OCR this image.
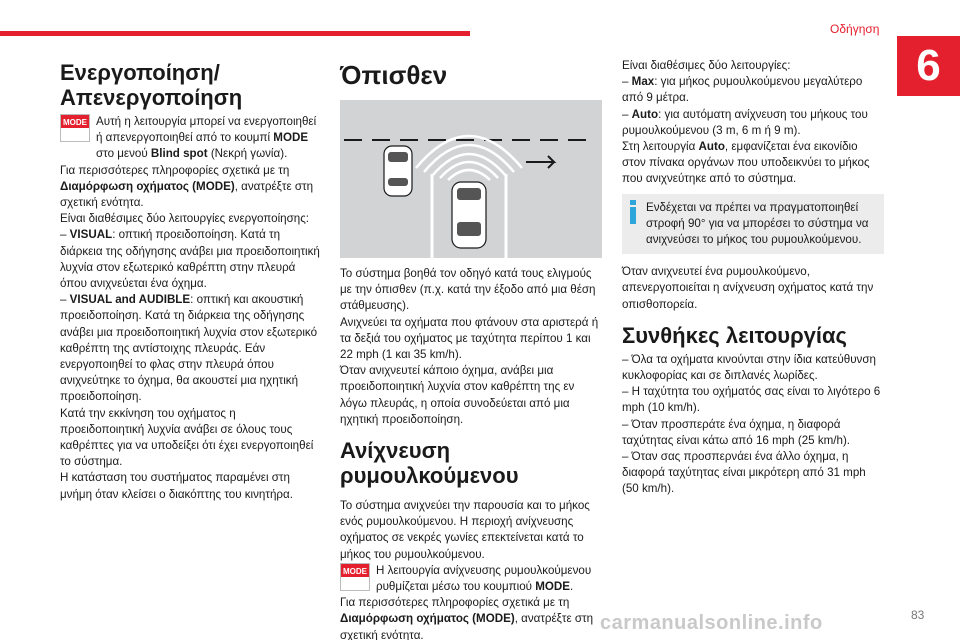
Οδήγηση
6
Ενεργοποίηση/ Απενεργοποίηση
MODE Αυτή η λειτουργία μπορεί να ενεργοποιηθεί ή απενεργοποιηθεί από το κουμπί MODE στο μενού Blind spot (Νεκρή γωνία).

Για περισσότερες πληροφορίες σχετικά με τη Διαμόρφωση οχήματος (MODE), ανατρέξτε στη σχετική ενότητα.

Είναι διαθέσιμες δύο λειτουργίες ενεργοποίησης:

– VISUAL: οπτική προειδοποίηση. Κατά τη διάρκεια της οδήγησης ανάβει μια προειδοποιητική λυχνία στον εξωτερικό καθρέπτη στην πλευρά όπου ανιχνεύεται ένα όχημα.

– VISUAL and AUDIBLE: οπτική και ακουστική προειδοποίηση. Κατά τη διάρκεια της οδήγησης ανάβει μια προειδοποιητική λυχνία στον εξωτερικό καθρέπτη της αντίστοιχης πλευράς. Εάν ενεργοποιηθεί το φλας στην πλευρά όπου ανιχνεύτηκε το όχημα, θα ακουστεί μια ηχητική προειδοποίηση.

Κατά την εκκίνηση του οχήματος η προειδοποιητική λυχνία ανάβει σε όλους τους καθρέπτες για να υποδείξει ότι έχει ενεργοποιηθεί το σύστημα.

Η κατάσταση του συστήματος παραμένει στη μνήμη όταν κλείσει ο διακόπτης του κινητήρα.

Όπισθεν

Το σύστημα βοηθά τον οδηγό κατά τους ελιγμούς με την όπισθεν (π.χ. κατά την έξοδο από μια θέση στάθμευσης).

Ανιχνεύει τα οχήματα που φτάνουν στα αριστερά ή τα δεξιά του οχήματος με ταχύτητα περίπου 1 και 22 mph (1 και 35 km/h).

Όταν ανιχνευτεί κάποιο όχημα, ανάβει μια προειδοποιητική λυχνία στον καθρέπτη της εν λόγω πλευράς, η οποία συνοδεύεται από μια ηχητική προειδοποίηση.

Ανίχνευση ρυμουλκούμενου

Το σύστημα ανιχνεύει την παρουσία και το μήκος ενός ρυμουλκούμενου. Η περιοχή ανίχνευσης οχήματος σε νεκρές γωνίες επεκτείνεται κατά το μήκος του ρυμουλκούμενου.

MODE Η λειτουργία ανίχνευσης ρυμουλκούμενου ρυθμίζεται μέσω του κουμπιού MODE.

Για περισσότερες πληροφορίες σχετικά με τη Διαμόρφωση οχήματος (MODE), ανατρέξτε στη σχετική ενότητα.

Είναι διαθέσιμες δύο λειτουργίες:

– Max: για μήκος ρυμουλκούμενου μεγαλύτερο από 9 μέτρα.

– Auto: για αυτόματη ανίχνευση του μήκους του ρυμουλκούμενου (3 m, 6 m ή 9 m).

Στη λειτουργία Auto, εμφανίζεται ένα εικονίδιο στον πίνακα οργάνων που υποδεικνύει το μήκος που ανιχνεύτηκε από το σύστημα.

Ενδέχεται να πρέπει να πραγματοποιηθεί στροφή 90° για να μπορέσει το σύστημα να ανιχνεύσει το μήκος του ρυμουλκούμενου.

Όταν ανιχνευτεί ένα ρυμουλκούμενο, απενεργοποιείται η ανίχνευση οχήματος κατά την οπισθοπορεία.

Συνθήκες λειτουργίας

– Όλα τα οχήματα κινούνται στην ίδια κατεύθυνση κυκλοφορίας και σε διπλανές λωρίδες.

– Η ταχύτητα του οχήματός σας είναι το λιγότερο 6 mph (10 km/h).

– Όταν προσπεράτε ένα όχημα, η διαφορά ταχύτητας είναι κάτω από 16 mph (25 km/h).

– Όταν σας προσπερνάει ένα άλλο όχημα, η διαφορά ταχύτητας είναι μικρότερη από 31 mph (50 km/h).

carmanualsonline.info	83
